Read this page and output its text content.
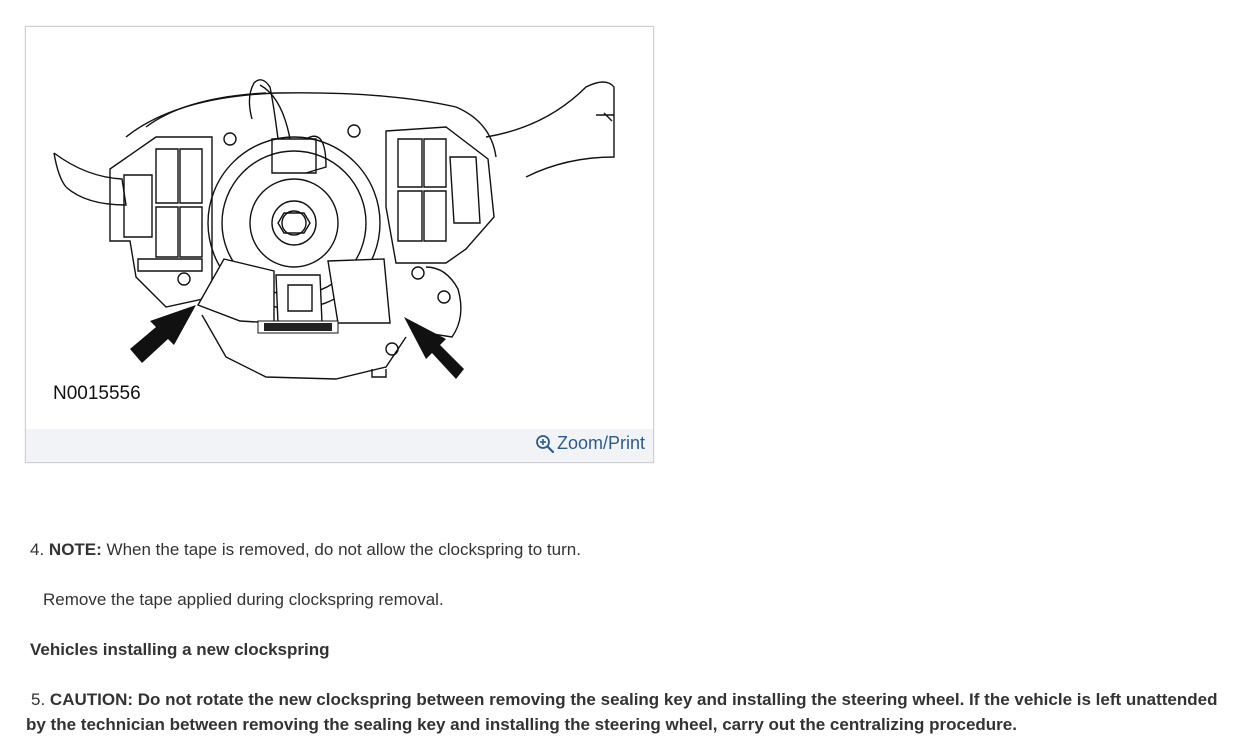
N0015556
Zoom/Print

4. NOTE: When the tape is removed, do not allow the clockspring to turn.

Remove the tape applied during clockspring removal.

Vehicles installing a new clockspring

5. CAUTION: Do not rotate the new clockspring between removing the sealing key and installing the steering wheel. If the vehicle is left unattended by the technician between removing the sealing key and installing the steering wheel, carry out the centralizing procedure.
